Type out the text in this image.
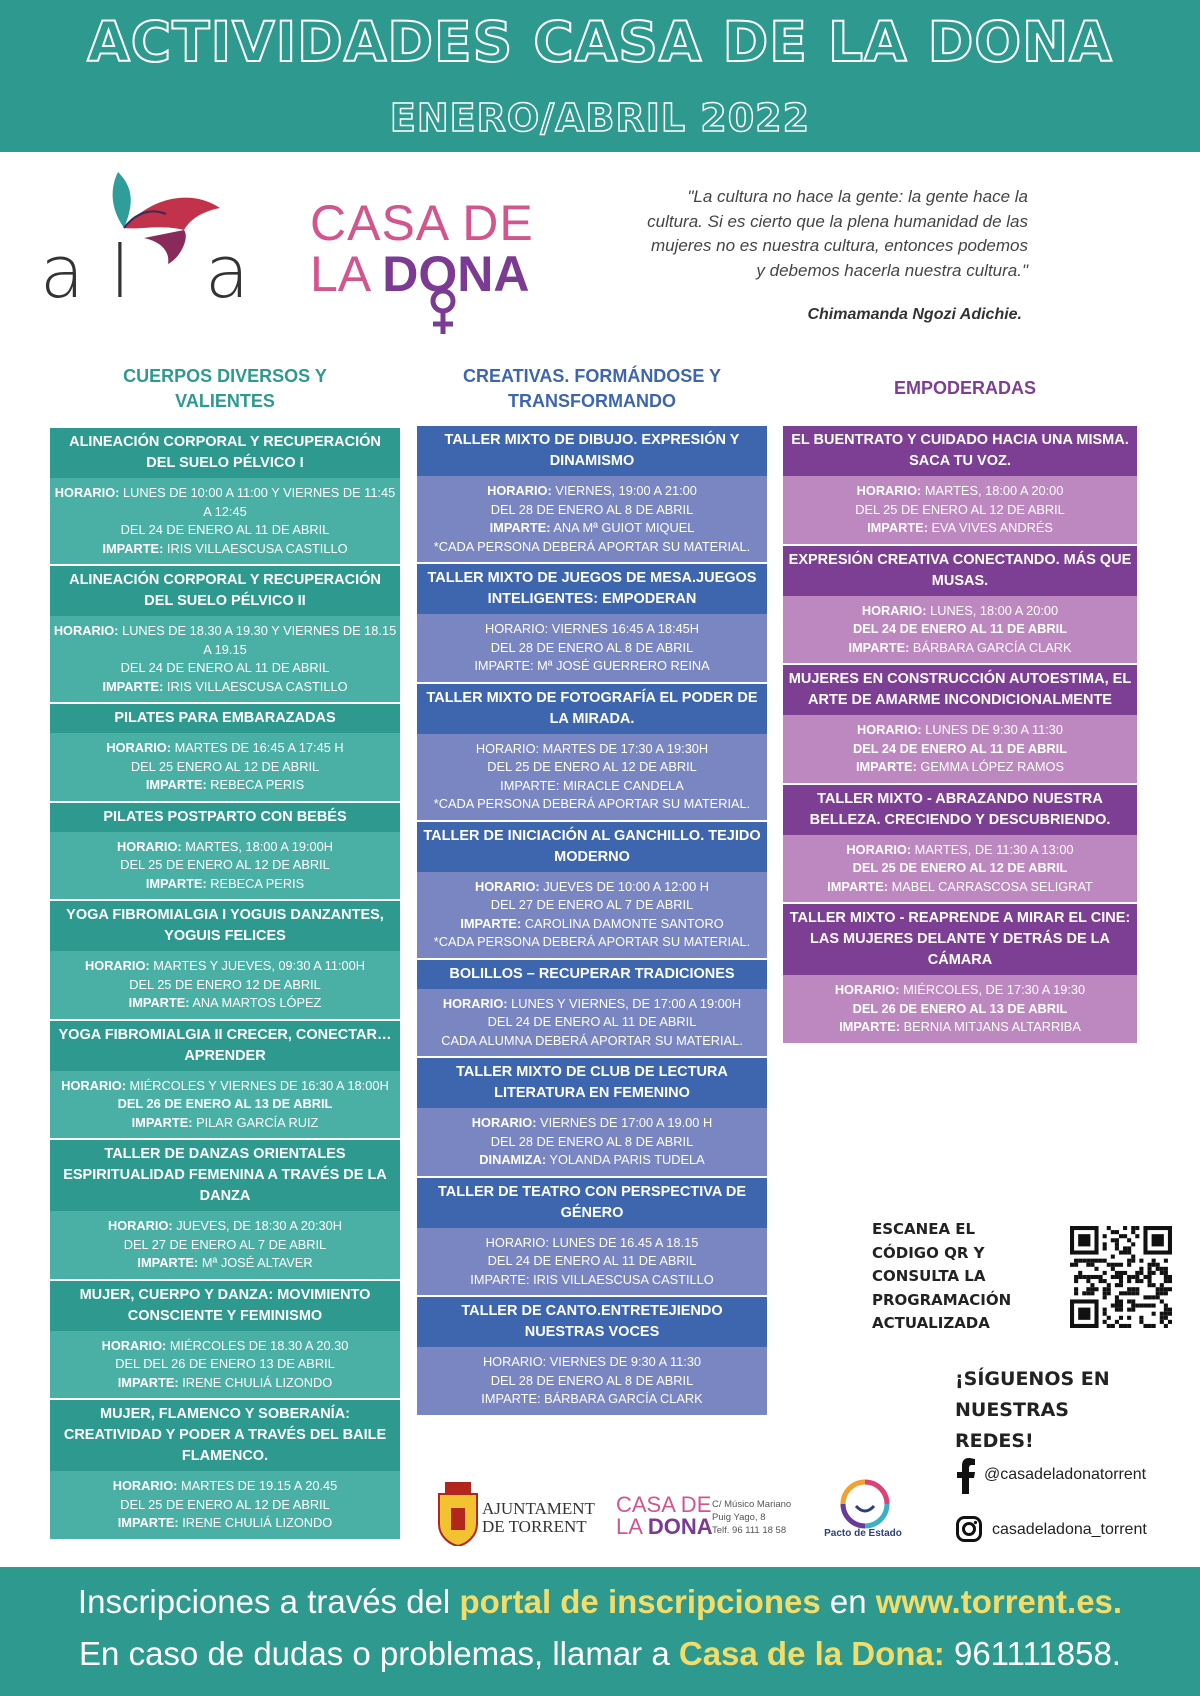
ACTIVIDADES CASA DE LA DONA
ENERO/ABRIL 2022
al a
CASA DE
LA DONA
"La cultura no hace la gente: la gente hace la cultura. Si es cierto que la plena humanidad de las mujeres no es nuestra cultura, entonces podemos y debemos hacerla nuestra cultura."
Chimamanda Ngozi Adichie.
CUERPOS DIVERSOS Y VALIENTES
CREATIVAS. FORMÁNDOSE Y TRANSFORMANDO
EMPODERADAS
ALINEACIÓN CORPORAL Y RECUPERACIÓN DEL SUELO PÉLVICO I
HORARIO: LUNES DE 10:00 A 11:00 Y VIERNES DE 11:45 A 12:45
DEL 24 DE ENERO AL 11 DE ABRIL
IMPARTE: IRIS VILLAESCUSA CASTILLO
ALINEACIÓN CORPORAL Y RECUPERACIÓN DEL SUELO PÉLVICO II
HORARIO: LUNES DE 18.30 A 19.30 Y VIERNES DE 18.15 A 19.15
DEL 24 DE ENERO AL 11 DE ABRIL
IMPARTE: IRIS VILLAESCUSA CASTILLO
PILATES PARA EMBARAZADAS
HORARIO: MARTES DE 16:45 A 17:45 H
DEL 25 ENERO AL 12 DE ABRIL
IMPARTE: REBECA PERIS
PILATES POSTPARTO CON BEBÉS
HORARIO: MARTES, 18:00 A 19:00H
DEL 25 DE ENERO AL 12 DE ABRIL
IMPARTE: REBECA PERIS
YOGA FIBROMIALGIA I YOGUIS DANZANTES, YOGUIS FELICES
HORARIO: MARTES Y JUEVES, 09:30 A 11:00H
DEL 25 DE ENERO 12 DE ABRIL
IMPARTE: ANA MARTOS LÓPEZ
YOGA FIBROMIALGIA II CRECER, CONECTAR…APRENDER
HORARIO: MIÉRCOLES Y VIERNES DE 16:30 A 18:00H
DEL 26 DE ENERO AL 13 DE ABRIL
IMPARTE: PILAR GARCÍA RUIZ
TALLER DE DANZAS ORIENTALES ESPIRITUALIDAD FEMENINA A TRAVÉS DE LA DANZA
HORARIO: JUEVES, DE 18:30 A 20:30H
DEL 27 DE ENERO AL 7 DE ABRIL
IMPARTE: Mª JOSÉ ALTAVER
MUJER, CUERPO Y DANZA: MOVIMIENTO CONSCIENTE Y FEMINISMO
HORARIO: MIÉRCOLES DE 18.30 A 20.30
DEL DEL 26 DE ENERO 13 DE ABRIL
IMPARTE: IRENE CHULIÁ LIZONDO
MUJER, FLAMENCO Y SOBERANÍA: CREATIVIDAD Y PODER A TRAVÉS DEL BAILE FLAMENCO.
HORARIO: MARTES DE 19.15 A 20.45
DEL 25 DE ENERO AL 12 DE ABRIL
IMPARTE: IRENE CHULIÁ LIZONDO
TALLER MIXTO DE DIBUJO. EXPRESIÓN Y DINAMISMO
HORARIO: VIERNES, 19:00 A 21:00
DEL 28 DE ENERO AL 8 DE ABRIL
IMPARTE: ANA Mª GUIOT MIQUEL
*CADA PERSONA DEBERÁ APORTAR SU MATERIAL.
TALLER MIXTO DE JUEGOS DE MESA.JUEGOS INTELIGENTES: EMPODERAN
HORARIO: VIERNES 16:45 A 18:45H
DEL 28 DE ENERO AL 8 DE ABRIL
IMPARTE: Mª JOSÉ GUERRERO REINA
TALLER MIXTO DE FOTOGRAFÍA EL PODER DE LA MIRADA.
HORARIO: MARTES DE 17:30 A 19:30H
DEL 25 DE ENERO AL 12 DE ABRIL
IMPARTE: MIRACLE CANDELA
*CADA PERSONA DEBERÁ APORTAR SU MATERIAL.
TALLER DE INICIACIÓN AL GANCHILLO. TEJIDO MODERNO
HORARIO: JUEVES DE 10:00 A 12:00 H
DEL 27 DE ENERO AL 7 DE ABRIL
IMPARTE: CAROLINA DAMONTE SANTORO
*CADA PERSONA DEBERÁ APORTAR SU MATERIAL.
BOLILLOS – RECUPERAR TRADICIONES
HORARIO: LUNES Y VIERNES, DE 17:00 A 19:00H
DEL 24 DE ENERO AL 11 DE ABRIL
CADA ALUMNA DEBERÁ APORTAR SU MATERIAL.
TALLER MIXTO DE CLUB DE LECTURA LITERATURA EN FEMENINO
HORARIO: VIERNES DE 17:00 A 19.00 H
DEL 28 DE ENERO AL 8 DE ABRIL
DINAMIZA: YOLANDA PARIS TUDELA
TALLER DE TEATRO CON PERSPECTIVA DE GÉNERO
HORARIO: LUNES DE 16.45 A 18.15
DEL 24 DE ENERO AL 11 DE ABRIL
IMPARTE: IRIS VILLAESCUSA CASTILLO
TALLER DE CANTO.ENTRETEJIENDO NUESTRAS VOCES
HORARIO: VIERNES DE 9:30 A 11:30
DEL 28 DE ENERO AL 8 DE ABRIL
IMPARTE: BÁRBARA GARCÍA CLARK
EL BUENTRATO Y CUIDADO HACIA UNA MISMA. SACA TU VOZ.
HORARIO: MARTES, 18:00 A 20:00
DEL 25 DE ENERO AL 12 DE ABRIL
IMPARTE: EVA VIVES ANDRÉS
EXPRESIÓN CREATIVA CONECTANDO. MÁS QUE MUSAS.
HORARIO: LUNES, 18:00 A 20:00
DEL 24 DE ENERO AL 11 DE ABRIL
IMPARTE: BÁRBARA GARCÍA CLARK
MUJERES EN CONSTRUCCIÓN AUTOESTIMA, EL ARTE DE AMARME INCONDICIONALMENTE
HORARIO: LUNES DE 9:30 A 11:30
DEL 24 DE ENERO AL 11 DE ABRIL
IMPARTE: GEMMA LÓPEZ RAMOS
TALLER MIXTO - ABRAZANDO NUESTRA BELLEZA. CRECIENDO Y DESCUBRIENDO.
HORARIO: MARTES, DE 11:30 A 13:00
DEL 25 DE ENERO AL 12 DE ABRIL
IMPARTE: MABEL CARRASCOSA SELIGRAT
TALLER MIXTO - REAPRENDE A MIRAR EL CINE: LAS MUJERES DELANTE Y DETRÁS DE LA CÁMARA
HORARIO: MIÉRCOLES, DE 17:30 A 19:30
DEL 26 DE ENERO AL 13 DE ABRIL
IMPARTE: BERNIA MITJANS ALTARRIBA
ESCANEA EL
CÓDIGO QR Y
CONSULTA LA
PROGRAMACIÓN
ACTUALIZADA
¡SÍGUENOS EN
NUESTRAS
REDES!
@casadeladonatorrent
casadeladona_torrent
AJUNTAMENT
DE TORRENT
CASA DE
LA DONA
C/ Músico Mariano
Puig Yago, 8
Telf. 96 111 18 58	Pacto de Estado
Inscripciones a través del portal de inscripciones en www.torrent.es.
En caso de dudas o problemas, llamar a Casa de la Dona: 961111858.
